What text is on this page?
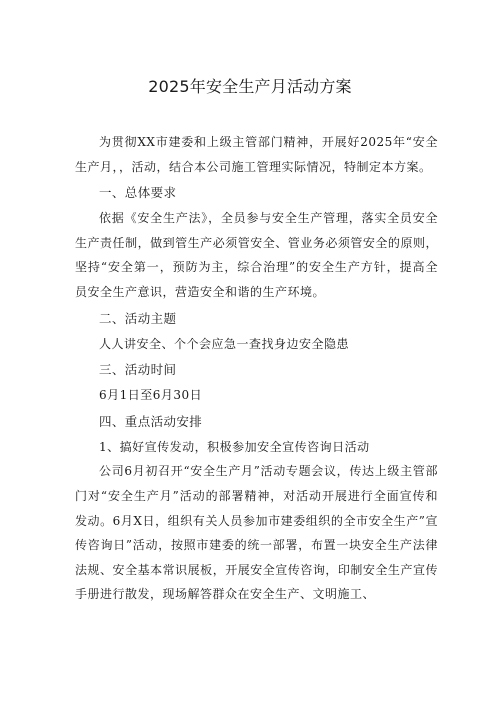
2025年安全生产月活动方案

为贯彻XX市建委和上级主管部门精神，开展好2025年“安全生产月，，活动，结合本公司施工管理实际情况，特制定本方案。

一、总体要求

依据《安全生产法》，全员参与安全生产管理，落实全员安全生产责任制，做到管生产必须管安全、管业务必须管安全的原则，坚持“安全第一，预防为主，综合治理”的安全生产方针，提高全员安全生产意识，营造安全和谐的生产环境。

二、活动主题

人人讲安全、个个会应急一查找身边安全隐患

三、活动时间

6月1日至6月30日

四、重点活动安排

1、搞好宣传发动，积极参加安全宣传咨询日活动

公司6月初召开“安全生产月”活动专题会议，传达上级主管部门对“安全生产月”活动的部署精神，对活动开展进行全面宣传和发动。6月X日，组织有关人员参加市建委组织的全市安全生产”宣传咨询日”活动，按照市建委的统一部署，布置一块安全生产法律法规、安全基本常识展板，开展安全宣传咨询，印制安全生产宣传手册进行散发，现场解答群众在安全生产、文明施工、
